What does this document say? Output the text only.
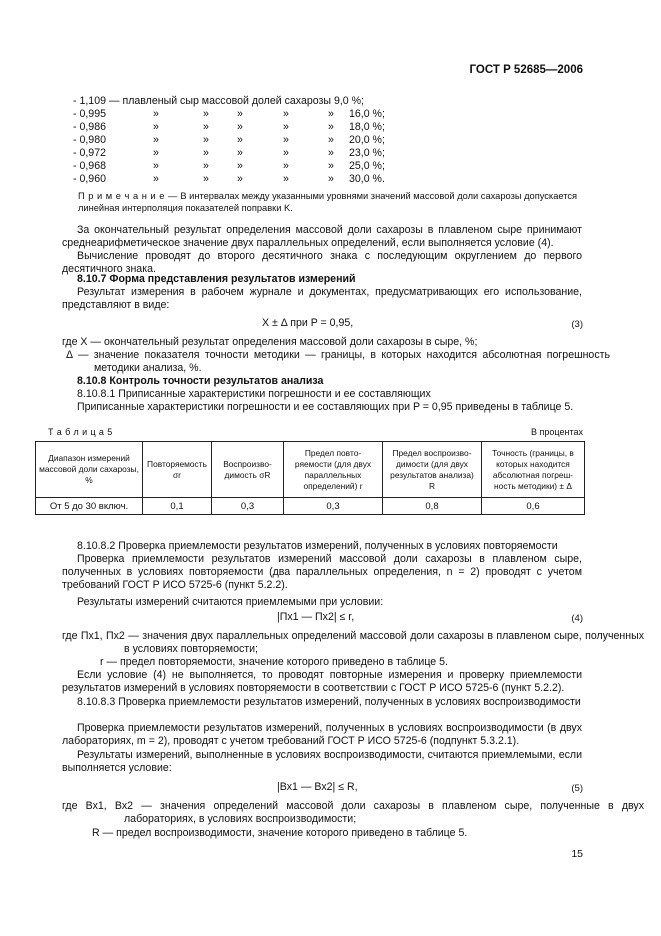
ГОСТ Р 52685—2006
- 1,109 — плавленый сыр массовой долей сахарозы 9,0 %;
- 0,995	»	»	»	»	» 16,0 %;
- 0,986	»	»	»	»	» 18,0 %;
- 0,980	»	»	»	»	» 20,0 %;
- 0,972	»	»	»	»	» 23,0 %;
- 0,968	»	»	»	»	» 25,0 %;
- 0,960	»	»	»	»	» 30,0 %.
П р и м е ч а н и е — В интервалах между указанными уровнями значений массовой доли сахарозы допускается линейная интерполяция показателей поправки K.
За окончательный результат определения массовой доли сахарозы в плавленом сыре принимают среднеарифметическое значение двух параллельных определений, если выполняется условие (4).
Вычисление проводят до второго десятичного знака с последующим округлением до первого десятичного знака.
8.10.7 Форма представления результатов измерений
Результат измерения в рабочем журнале и документах, предусматривающих его использование, представляют в виде:
X ± Δ при P = 0,95,	(3)
где X — окончательный результат определения массовой доли сахарозы в сыре, %;
Δ — значение показателя точности методики — границы, в которых находится абсолютная погрешность методики анализа, %.
8.10.8 Контроль точности результатов анализа
8.10.8.1 Приписанные характеристики погрешности и ее составляющих
Приписанные характеристики погрешности и ее составляющих при P = 0,95 приведены в таблице 5.
Т а б л и ц а 5	В процентах
Диапазон измерений массовой доли сахарозы, %	Повторяемость σr	Воспроизво-димость σR	Предел повто-ряемости (для двух параллельных определений) r	Предел воспроизво-димости (для двух результатов анализа) R	Точность (границы, в которых находится абсолютная погреш-ность методики) ± Δ
От 5 до 30 включ.	0,1	0,3	0,3	0,8	0,6
8.10.8.2 Проверка приемлемости результатов измерений, полученных в условиях повторяемости
Проверка приемлемости результатов измерений массовой доли сахарозы в плавленом сыре, полученных в условиях повторяемости (два параллельных определения, n = 2) проводят с учетом требований ГОСТ Р ИСО 5725-6 (пункт 5.2.2).
Результаты измерений считаются приемлемыми при условии:
|Пх1 — Пх2| ≤ r,	(4)
где Пх1, Пх2 — значения двух параллельных определений массовой доли сахарозы в плавленом сыре, полученных в условиях повторяемости;
r — предел повторяемости, значение которого приведено в таблице 5.
Если условие (4) не выполняется, то проводят повторные измерения и проверку приемлемости результатов измерений в условиях повторяемости в соответствии с ГОСТ Р ИСО 5725-6 (пункт 5.2.2).
8.10.8.3 Проверка приемлемости результатов измерений, полученных в условиях воспроизводимости
Проверка приемлемости результатов измерений, полученных в условиях воспроизводимости (в двух лабораториях, m = 2), проводят с учетом требований ГОСТ Р ИСО 5725-6 (подпункт 5.3.2.1).
Результаты измерений, выполненные в условиях воспроизводимости, считаются приемлемыми, если выполняется условие:
|Вх1 — Вх2| ≤ R,	(5)
где Вх1, Вх2 — значения определений массовой доли сахарозы в плавленом сыре, полученные в двух лабораториях, в условиях воспроизводимости;
R — предел воспроизводимости, значение которого приведено в таблице 5.
15
